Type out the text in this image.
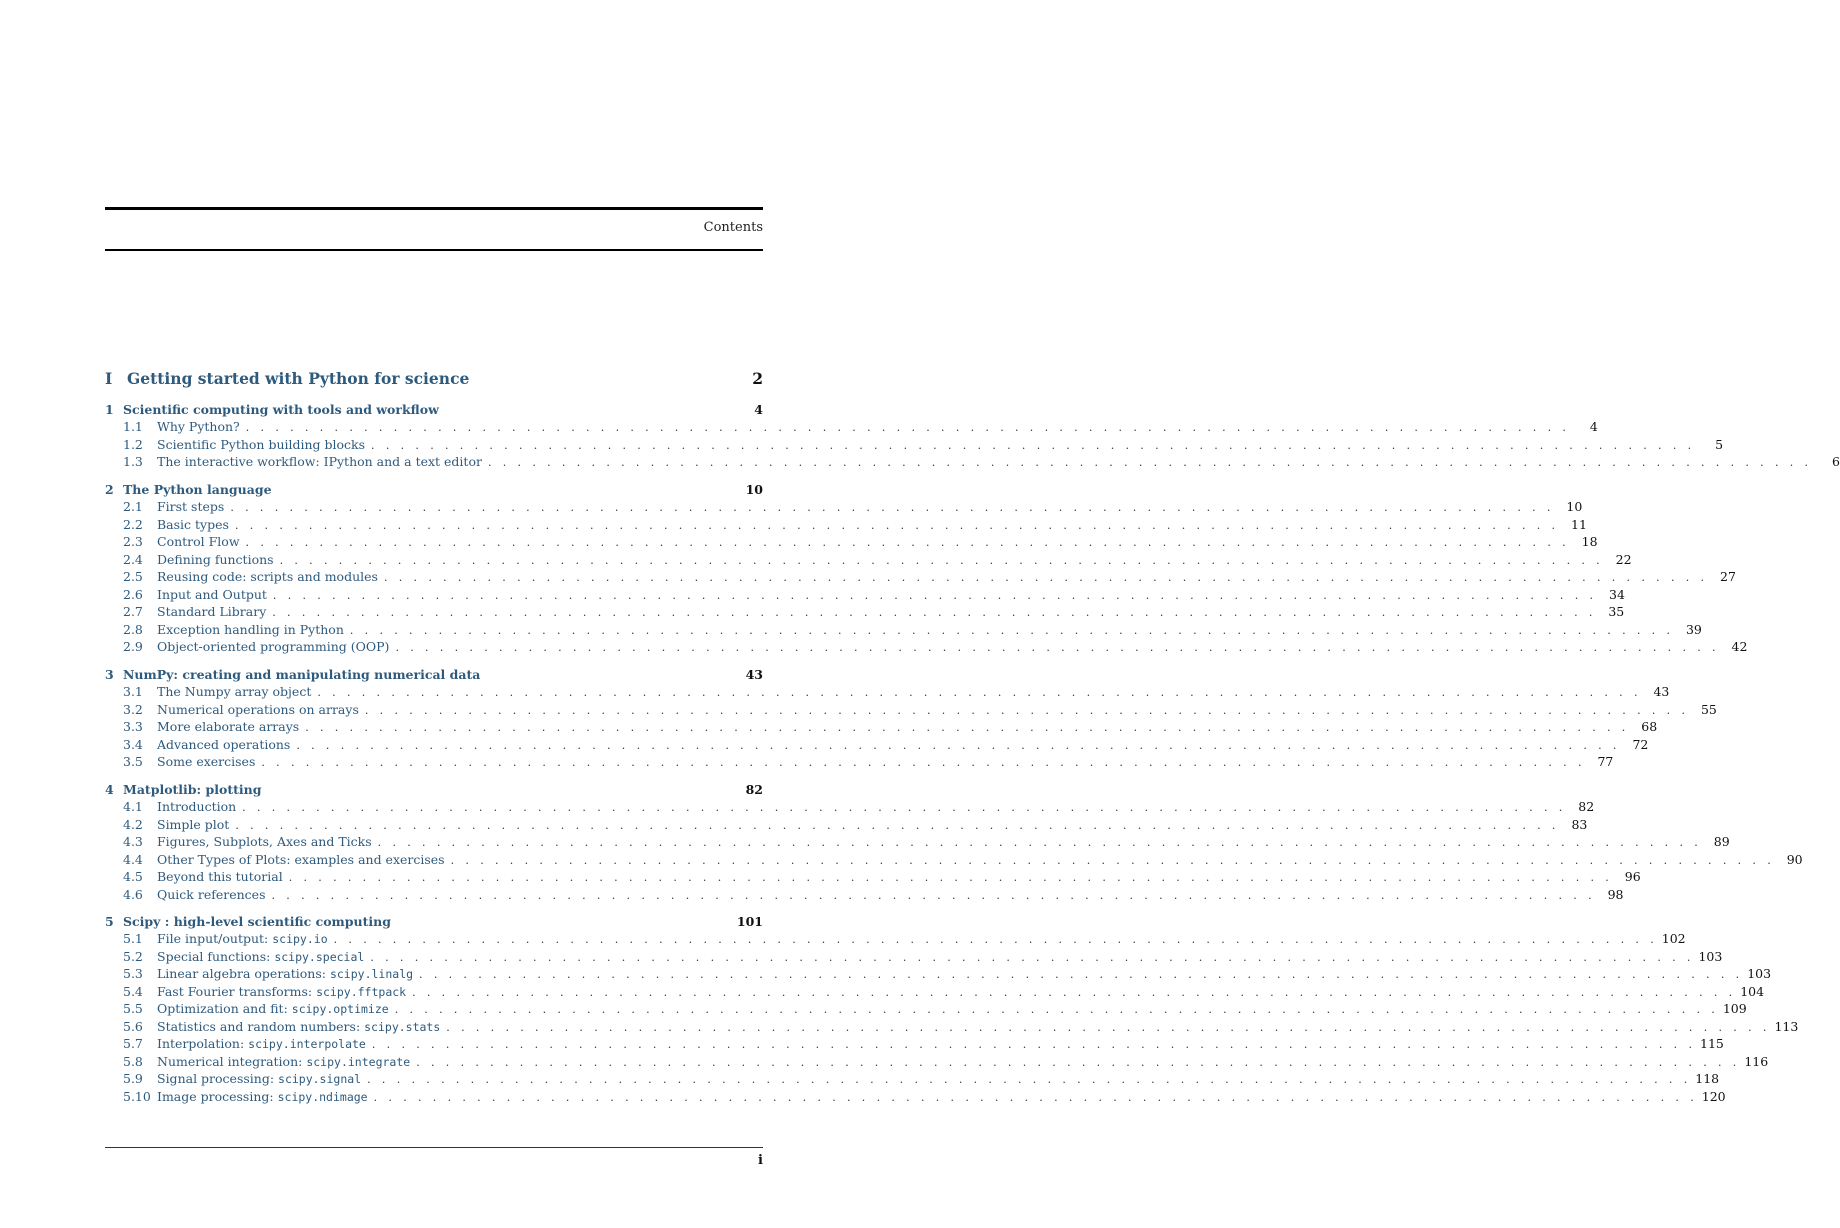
Contents
I Getting started with Python for science	2
1 Scientific computing with tools and workflow	4
1.1	Why Python? . . . . . . . . . . . . . . . . . . . . . . . . . . . . . . . . . . . . . . . . . . . . . . . . . . . . . . . . . . . . . . . . . . . . . . . . . . . . . . . . . . . . . . . . . .	4
1.2	Scientific Python building blocks . . . . . . . . . . . . . . . . . . . . . . . . . . . . . . . . . . . . . . . . . . . . . . . . . . . . . . . . . . . . . . . . . . . . . . . . . . . . . . . . . . . . . . . . . .	5
1.3	The interactive workflow: IPython and a text editor . . . . . . . . . . . . . . . . . . . . . . . . . . . . . . . . . . . . . . . . . . . . . . . . . . . . . . . . . . . . . . . . . . . . . . . . . . . . . . . . . . . . . . . . . .	6
2 The Python language	10
2.1	First steps . . . . . . . . . . . . . . . . . . . . . . . . . . . . . . . . . . . . . . . . . . . . . . . . . . . . . . . . . . . . . . . . . . . . . . . . . . . . . . . . . . . . . . . . . . 10
2.2	Basic types . . . . . . . . . . . . . . . . . . . . . . . . . . . . . . . . . . . . . . . . . . . . . . . . . . . . . . . . . . . . . . . . . . . . . . . . . . . . . . . . . . . . . . . . . . 11
2.3	Control Flow . . . . . . . . . . . . . . . . . . . . . . . . . . . . . . . . . . . . . . . . . . . . . . . . . . . . . . . . . . . . . . . . . . . . . . . . . . . . . . . . . . . . . . . . . . 18
2.4	Defining functions . . . . . . . . . . . . . . . . . . . . . . . . . . . . . . . . . . . . . . . . . . . . . . . . . . . . . . . . . . . . . . . . . . . . . . . . . . . . . . . . . . . . . . . . . . 22
2.5	Reusing code: scripts and modules . . . . . . . . . . . . . . . . . . . . . . . . . . . . . . . . . . . . . . . . . . . . . . . . . . . . . . . . . . . . . . . . . . . . . . . . . . . . . . . . . . . . . . . . . . 27
2.6	Input and Output . . . . . . . . . . . . . . . . . . . . . . . . . . . . . . . . . . . . . . . . . . . . . . . . . . . . . . . . . . . . . . . . . . . . . . . . . . . . . . . . . . . . . . . . . . 34
2.7	Standard Library . . . . . . . . . . . . . . . . . . . . . . . . . . . . . . . . . . . . . . . . . . . . . . . . . . . . . . . . . . . . . . . . . . . . . . . . . . . . . . . . . . . . . . . . . . 35
2.8	Exception handling in Python . . . . . . . . . . . . . . . . . . . . . . . . . . . . . . . . . . . . . . . . . . . . . . . . . . . . . . . . . . . . . . . . . . . . . . . . . . . . . . . . . . . . . . . . . . 39
2.9	Object-oriented programming (OOP) . . . . . . . . . . . . . . . . . . . . . . . . . . . . . . . . . . . . . . . . . . . . . . . . . . . . . . . . . . . . . . . . . . . . . . . . . . . . . . . . . . . . . . . . . . 42
3 NumPy: creating and manipulating numerical data	43
3.1	The Numpy array object . . . . . . . . . . . . . . . . . . . . . . . . . . . . . . . . . . . . . . . . . . . . . . . . . . . . . . . . . . . . . . . . . . . . . . . . . . . . . . . . . . . . . . . . . . 43
3.2	Numerical operations on arrays . . . . . . . . . . . . . . . . . . . . . . . . . . . . . . . . . . . . . . . . . . . . . . . . . . . . . . . . . . . . . . . . . . . . . . . . . . . . . . . . . . . . . . . . . . 55
3.3	More elaborate arrays . . . . . . . . . . . . . . . . . . . . . . . . . . . . . . . . . . . . . . . . . . . . . . . . . . . . . . . . . . . . . . . . . . . . . . . . . . . . . . . . . . . . . . . . . . 68
3.4	Advanced operations . . . . . . . . . . . . . . . . . . . . . . . . . . . . . . . . . . . . . . . . . . . . . . . . . . . . . . . . . . . . . . . . . . . . . . . . . . . . . . . . . . . . . . . . . . 72
3.5	Some exercises . . . . . . . . . . . . . . . . . . . . . . . . . . . . . . . . . . . . . . . . . . . . . . . . . . . . . . . . . . . . . . . . . . . . . . . . . . . . . . . . . . . . . . . . . . 77
4 Matplotlib: plotting	82
4.1	Introduction . . . . . . . . . . . . . . . . . . . . . . . . . . . . . . . . . . . . . . . . . . . . . . . . . . . . . . . . . . . . . . . . . . . . . . . . . . . . . . . . . . . . . . . . . . 82
4.2	Simple plot . . . . . . . . . . . . . . . . . . . . . . . . . . . . . . . . . . . . . . . . . . . . . . . . . . . . . . . . . . . . . . . . . . . . . . . . . . . . . . . . . . . . . . . . . . 83
4.3	Figures, Subplots, Axes and Ticks . . . . . . . . . . . . . . . . . . . . . . . . . . . . . . . . . . . . . . . . . . . . . . . . . . . . . . . . . . . . . . . . . . . . . . . . . . . . . . . . . . . . . . . . . . 89
4.4	Other Types of Plots: examples and exercises . . . . . . . . . . . . . . . . . . . . . . . . . . . . . . . . . . . . . . . . . . . . . . . . . . . . . . . . . . . . . . . . . . . . . . . . . . . . . . . . . . . . . . . . . . 90
4.5	Beyond this tutorial . . . . . . . . . . . . . . . . . . . . . . . . . . . . . . . . . . . . . . . . . . . . . . . . . . . . . . . . . . . . . . . . . . . . . . . . . . . . . . . . . . . . . . . . . . 96
4.6	Quick references . . . . . . . . . . . . . . . . . . . . . . . . . . . . . . . . . . . . . . . . . . . . . . . . . . . . . . . . . . . . . . . . . . . . . . . . . . . . . . . . . . . . . . . . . . 98
5 Scipy : high-level scientific computing	101
5.1	File input/output: scipy.io . . . . . . . . . . . . . . . . . . . . . . . . . . . . . . . . . . . . . . . . . . . . . . . . . . . . . . . . . . . . . . . . . . . . . . . . . . . . . . . . . . . . . . . . . . 102
5.2	Special functions: scipy.special . . . . . . . . . . . . . . . . . . . . . . . . . . . . . . . . . . . . . . . . . . . . . . . . . . . . . . . . . . . . . . . . . . . . . . . . . . . . . . . . . . . . . . . . . . 103
5.3	Linear algebra operations: scipy.linalg . . . . . . . . . . . . . . . . . . . . . . . . . . . . . . . . . . . . . . . . . . . . . . . . . . . . . . . . . . . . . . . . . . . . . . . . . . . . . . . . . . . . . . . . . . 103
5.4	Fast Fourier transforms: scipy.fftpack . . . . . . . . . . . . . . . . . . . . . . . . . . . . . . . . . . . . . . . . . . . . . . . . . . . . . . . . . . . . . . . . . . . . . . . . . . . . . . . . . . . . . . . . . . 104
5.5	Optimization and fit: scipy.optimize . . . . . . . . . . . . . . . . . . . . . . . . . . . . . . . . . . . . . . . . . . . . . . . . . . . . . . . . . . . . . . . . . . . . . . . . . . . . . . . . . . . . . . . . . . 109
5.6	Statistics and random numbers: scipy.stats . . . . . . . . . . . . . . . . . . . . . . . . . . . . . . . . . . . . . . . . . . . . . . . . . . . . . . . . . . . . . . . . . . . . . . . . . . . . . . . . . . . . . . . . . . 113
5.7	Interpolation: scipy.interpolate . . . . . . . . . . . . . . . . . . . . . . . . . . . . . . . . . . . . . . . . . . . . . . . . . . . . . . . . . . . . . . . . . . . . . . . . . . . . . . . . . . . . . . . . . . 115
5.8	Numerical integration: scipy.integrate . . . . . . . . . . . . . . . . . . . . . . . . . . . . . . . . . . . . . . . . . . . . . . . . . . . . . . . . . . . . . . . . . . . . . . . . . . . . . . . . . . . . . . . . . . 116
5.9	Signal processing: scipy.signal . . . . . . . . . . . . . . . . . . . . . . . . . . . . . . . . . . . . . . . . . . . . . . . . . . . . . . . . . . . . . . . . . . . . . . . . . . . . . . . . . . . . . . . . . . 118
5.10 Image processing: scipy.ndimage . . . . . . . . . . . . . . . . . . . . . . . . . . . . . . . . . . . . . . . . . . . . . . . . . . . . . . . . . . . . . . . . . . . . . . . . . . . . . . . . . . . . . . . . . . 120
i
